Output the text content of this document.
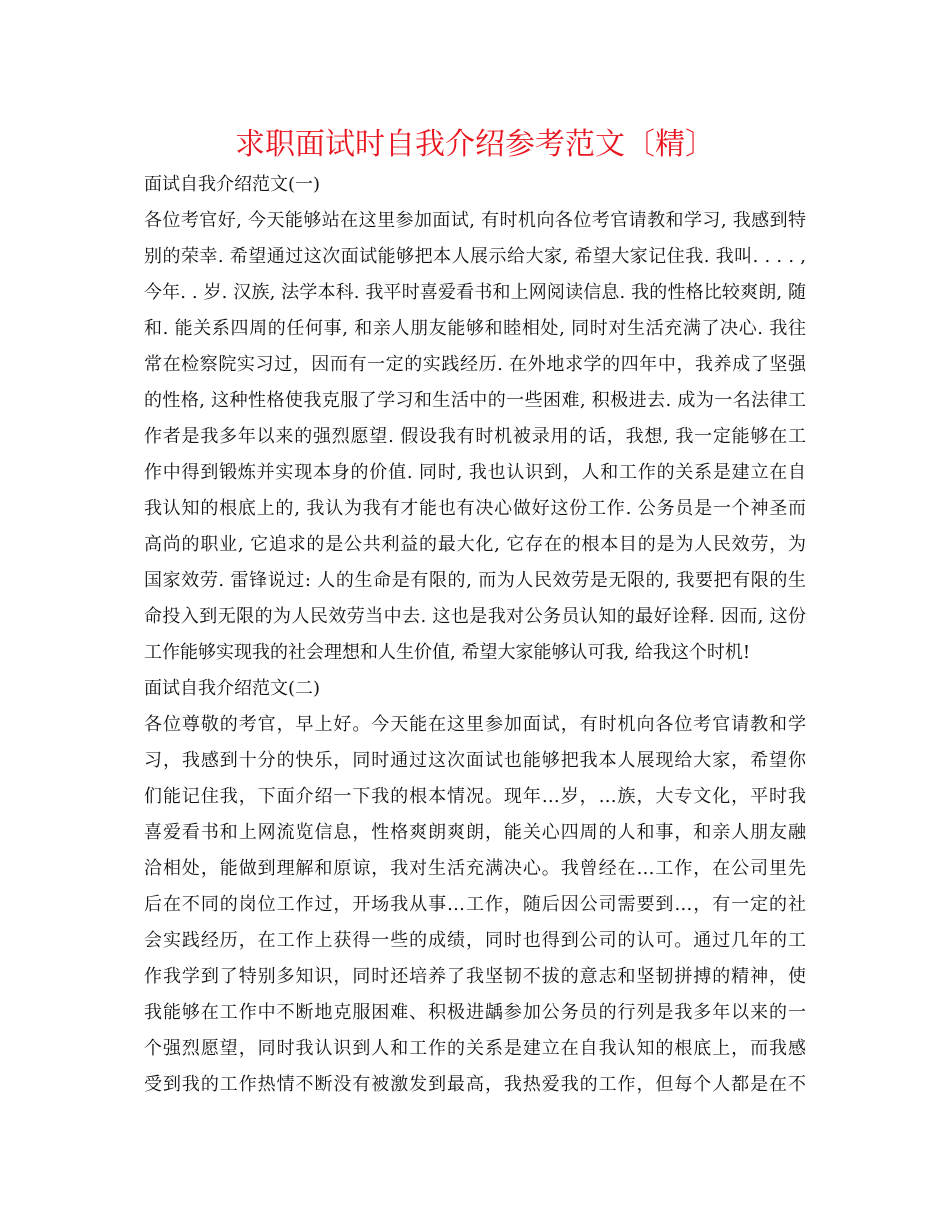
求职面试时自我介绍参考范文〔精〕
面试自我介绍范文(一)
各位考官好, 今天能够站在这里参加面试, 有时机向各位考官请教和学习, 我感到特
别的荣幸. 希望通过这次面试能够把本人展示给大家, 希望大家记住我. 我叫. . . . ,
今年. . 岁. 汉族, 法学本科. 我平时喜爱看书和上网阅读信息. 我的性格比较爽朗, 随
和. 能关系四周的任何事, 和亲人朋友能够和睦相处, 同时对生活充满了决心. 我往
常在检察院实习过，因而有一定的实践经历. 在外地求学的四年中，我养成了坚强
的性格, 这种性格使我克服了学习和生活中的一些困难, 积极进去. 成为一名法律工
作者是我多年以来的强烈愿望. 假设我有时机被录用的话，我想, 我一定能够在工
作中得到锻炼并实现本身的价值. 同时, 我也认识到，人和工作的关系是建立在自
我认知的根底上的, 我认为我有才能也有决心做好这份工作. 公务员是一个神圣而
高尚的职业, 它追求的是公共利益的最大化, 它存在的根本目的是为人民效劳，为
国家效劳. 雷锋说过: 人的生命是有限的, 而为人民效劳是无限的, 我要把有限的生
命投入到无限的为人民效劳当中去. 这也是我对公务员认知的最好诠释. 因而, 这份
工作能够实现我的社会理想和人生价值, 希望大家能够认可我, 给我这个时机!
面试自我介绍范文(二)
各位尊敬的考官，早上好。今天能在这里参加面试，有时机向各位考官请教和学
习，我感到十分的快乐，同时通过这次面试也能够把我本人展现给大家，希望你
们能记住我，下面介绍一下我的根本情况。现年…岁，…族，大专文化，平时我
喜爱看书和上网流览信息，性格爽朗爽朗，能关心四周的人和事，和亲人朋友融
洽相处，能做到理解和原谅，我对生活充满决心。我曾经在…工作，在公司里先
后在不同的岗位工作过，开场我从事…工作，随后因公司需要到…，有一定的社
会实践经历，在工作上获得一些的成绩，同时也得到公司的认可。通过几年的工
作我学到了特别多知识，同时还培养了我坚韧不拔的意志和坚韧拼搏的精神，使
我能够在工作中不断地克服困难、积极进龋参加公务员的行列是我多年以来的一
个强烈愿望，同时我认识到人和工作的关系是建立在自我认知的根底上，而我感
受到我的工作热情不断没有被激发到最高，我热爱我的工作，但每个人都是在不
